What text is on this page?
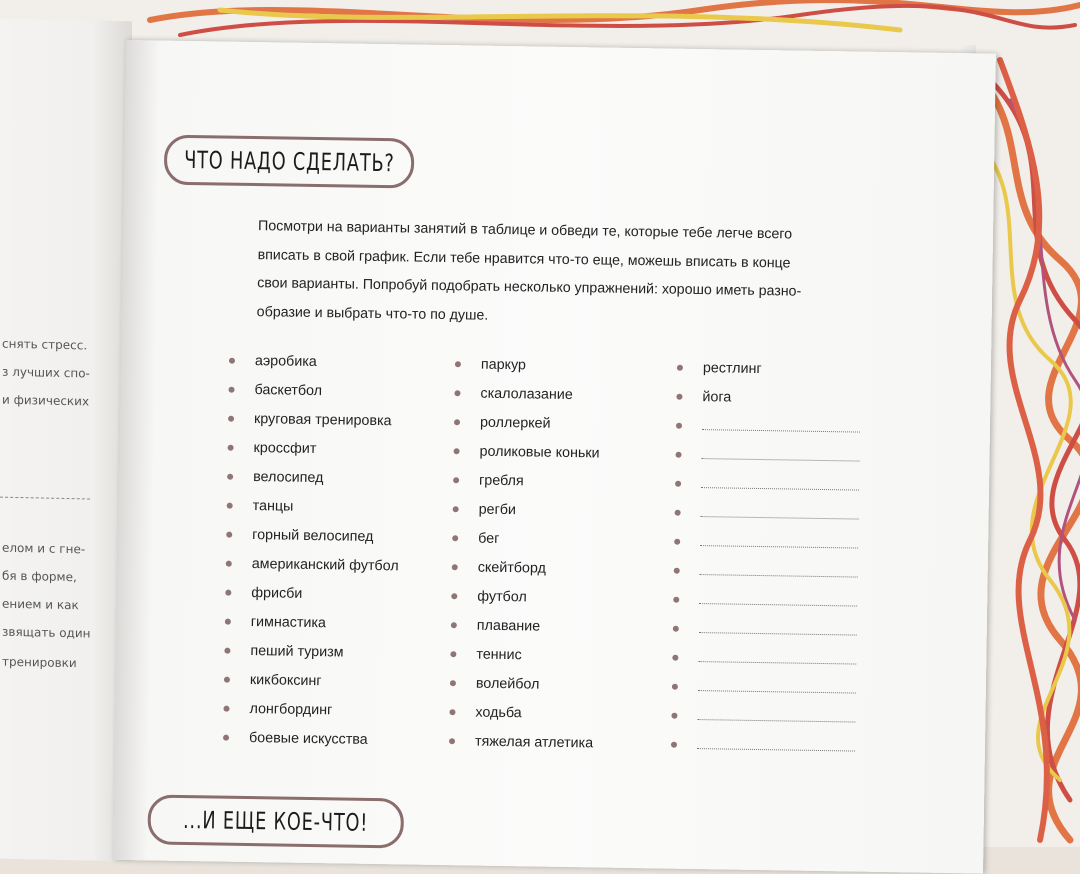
снять стресс.
з лучших спо-
и физических
елом и с гне-
бя в форме,
ением и как
звящать один
тренировки
ЧТО НАДО СДЕЛАТЬ?
Посмотри на варианты занятий в таблице и обведи те, которые тебе легче всего
вписать в свой график. Если тебе нравится что-то еще, можешь вписать в конце
свои варианты. Попробуй подобрать несколько упражнений: хорошо иметь разно-
образие и выбрать что-то по душе.
аэробика
баскетбол
круговая тренировка
кроссфит
велосипед
танцы
горный велосипед
американский футбол
фрисби
гимнастика
пеший туризм
кикбоксинг
лонгбординг
боевые искусства
паркур
скалолазание
роллеркей
роликовые коньки
гребля
регби
бег
скейтборд
футбол
плавание
теннис
волейбол
ходьба
тяжелая атлетика
рестлинг
йога
...И ЕЩЕ КОЕ-ЧТО!
